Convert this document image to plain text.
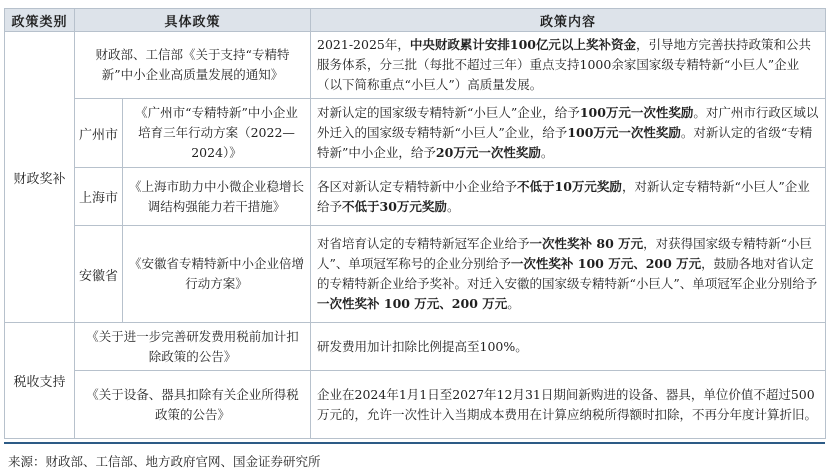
政策类别	具体政策		政策内容
财政奖补	财政部、工信部《关于支持“专精特新”中小企业高质量发展的通知》		2021-2025年，中央财政累计安排100亿元以上奖补资金，引导地方完善扶持政策和公共服务体系，分三批（每批不超过三年）重点支持1000余家国家级专精特新“小巨人”企业（以下简称重点“小巨人”）高质量发展。
	广州市	《广州市“专精特新”中小企业培育三年行动方案（2022—2024）》	对新认定的国家级专精特新“小巨人”企业，给予100万元一次性奖励。对广州市行政区域以外迁入的国家级专精特新“小巨人”企业，给予100万元一次性奖励。对新认定的省级“专精特新”中小企业，给予20万元一次性奖励。
	上海市	《上海市助力中小微企业稳增长调结构强能力若干措施》	各区对新认定专精特新中小企业给予不低于10万元奖励，对新认定专精特新“小巨人”企业给予不低于30万元奖励。
	安徽省	《安徽省专精特新中小企业倍增行动方案》	对省培育认定的专精特新冠军企业给予一次性奖补 80 万元，对获得国家级专精特新“小巨人”、单项冠军称号的企业分别给予一次性奖补 100 万元、200 万元，鼓励各地对省认定的专精特新企业给予奖补。对迁入安徽的国家级专精特新“小巨人”、单项冠军企业分别给予一次性奖补 100 万元、200 万元。
税收支持	《关于进一步完善研发费用税前加计扣除政策的公告》		研发费用加计扣除比例提高至100%。
	《关于设备、器具扣除有关企业所得税政策的公告》		企业在2024年1月1日至2027年12月31日期间新购进的设备、器具，单位价值不超过500万元的，允许一次性计入当期成本费用在计算应纳税所得额时扣除，不再分年度计算折旧。
来源：财政部、工信部、地方政府官网、国金证券研究所
